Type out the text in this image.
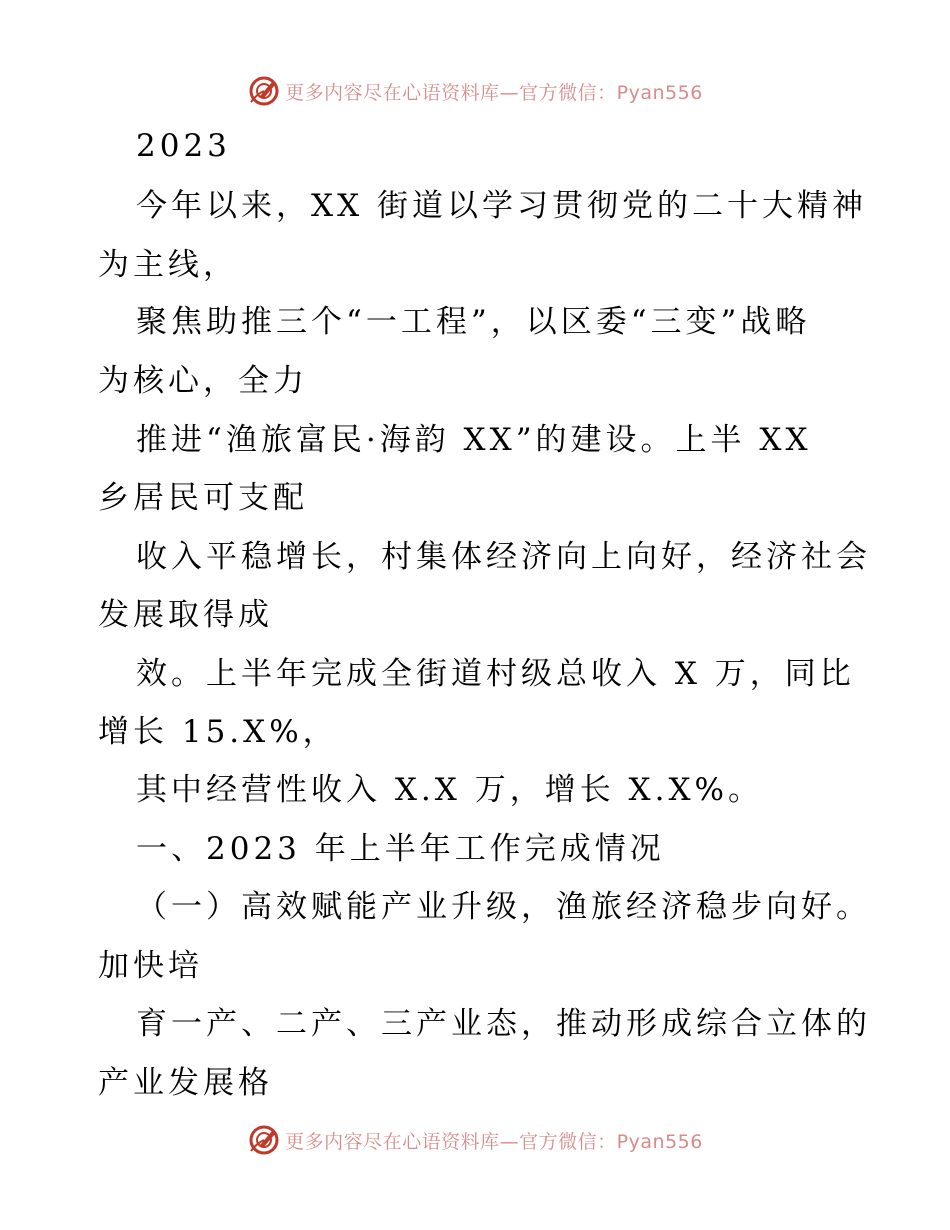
更多内容尽在心语资料库—官方微信：Pyan556
2023
今年以来，XX 街道以学习贯彻党的二十大精神
为主线，
聚焦助推三个“一工程”，以区委“三变”战略
为核心，全力
推进“渔旅富民·海韵 XX”的建设。上半 XX
乡居民可支配
收入平稳增长，村集体经济向上向好，经济社会
发展取得成
效。上半年完成全街道村级总收入 X 万，同比
增长 15.X%，
其中经营性收入 X.X 万，增长 X.X%。
一、2023 年上半年工作完成情况
（一）高效赋能产业升级，渔旅经济稳步向好。
加快培
育一产、二产、三产业态，推动形成综合立体的
产业发展格
更多内容尽在心语资料库—官方微信：Pyan556
